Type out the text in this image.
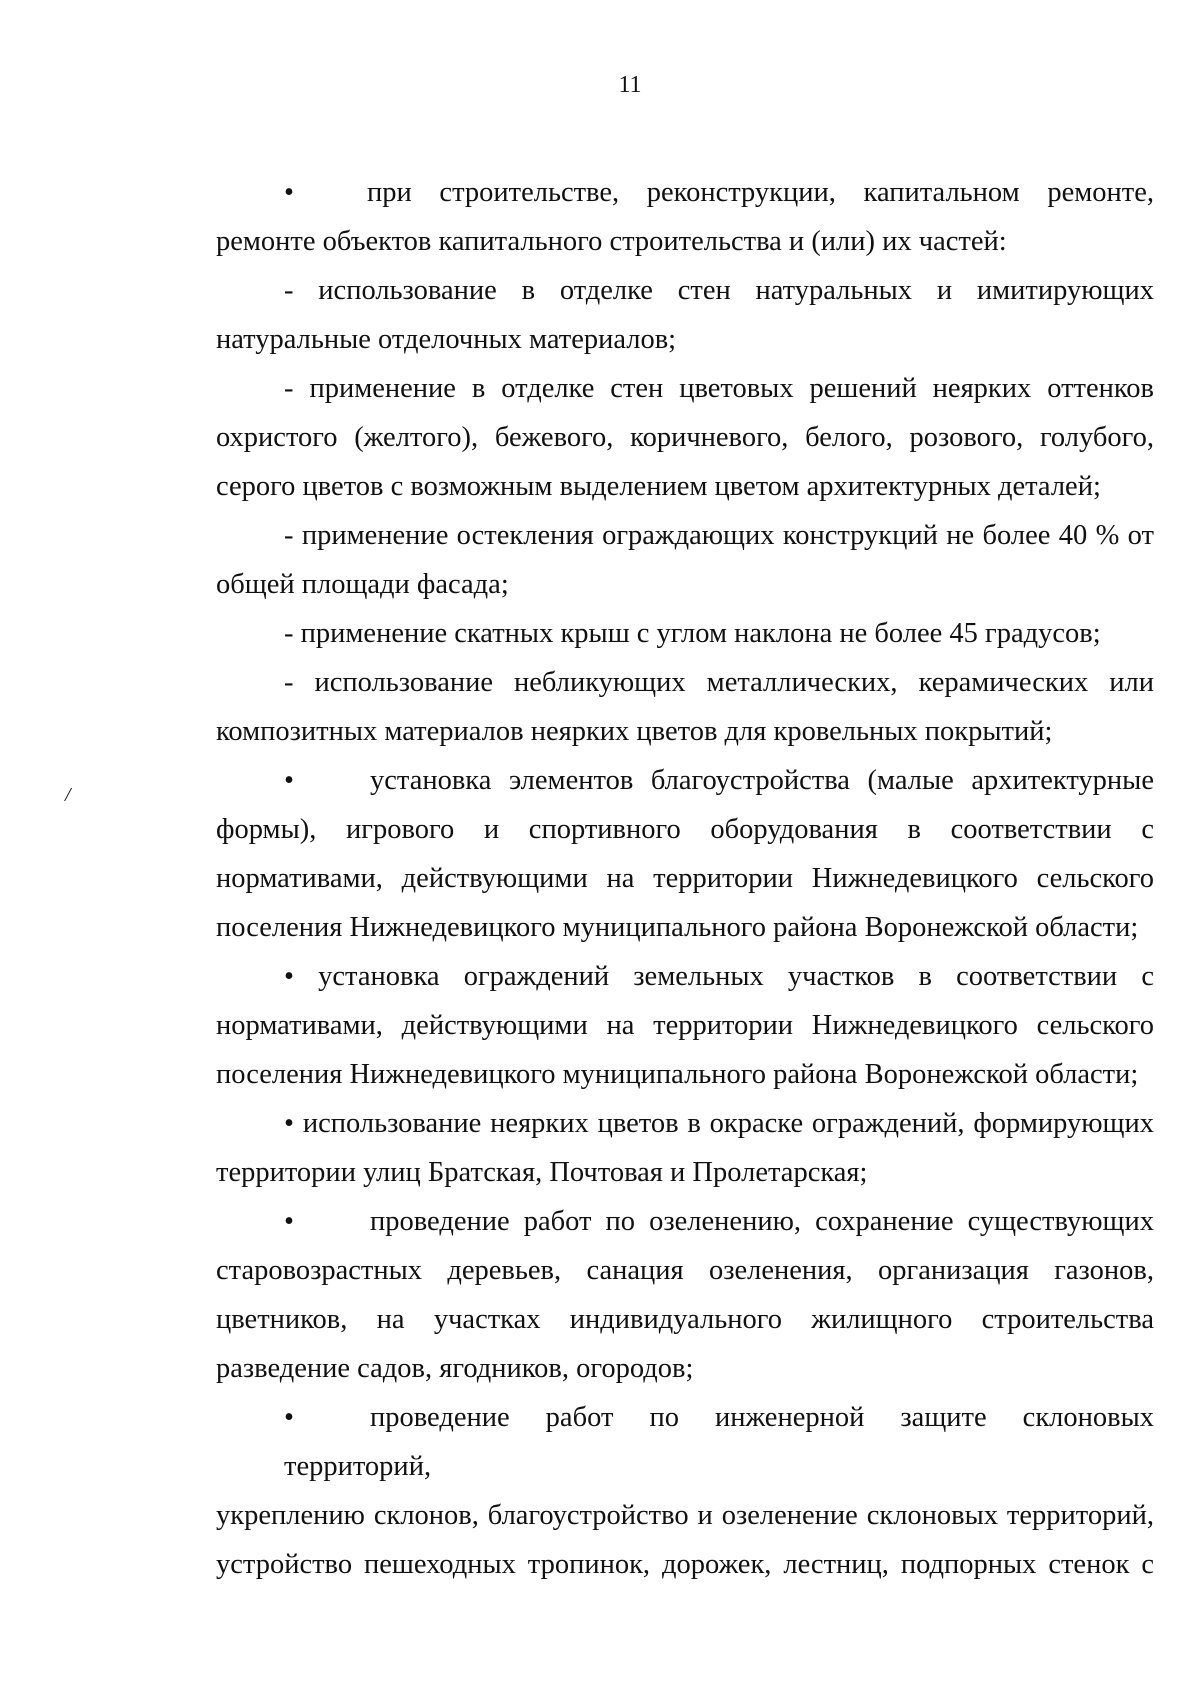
11
/
•	при строительстве, реконструкции, капитальном ремонте,
ремонте объектов капитального строительства и (или) их частей:
- использование в отделке стен натуральных и имитирующих
натуральные отделочных материалов;
- применение в отделке стен цветовых решений неярких оттенков
охристого (желтого), бежевого, коричневого, белого, розового, голубого, серого цветов с возможным выделением цветом архитектурных деталей;
- применение остекления ограждающих конструкций не более 40 % от
общей площади фасада;
- применение скатных крыш с углом наклона не более 45 градусов;
- использование небликующих металлических, керамических или
композитных материалов неярких цветов для кровельных покрытий;
•	установка элементов благоустройства (малые архитектурные
формы), игрового и спортивного оборудования в соответствии с нормативами, действующими на территории Нижнедевицкого сельского поселения Нижнедевицкого муниципального района Воронежской области;
• установка ограждений земельных участков в соответствии с
нормативами, действующими на территории Нижнедевицкого сельского поселения Нижнедевицкого муниципального района Воронежской области;
• использование неярких цветов в окраске ограждений, формирующих
территории улиц Братская, Почтовая и Пролетарская;
•	проведение работ по озеленению, сохранение существующих
старовозрастных деревьев, санация озеленения, организация газонов, цветников, на участках индивидуального жилищного строительства разведение садов, ягодников, огородов;
•	проведение работ по инженерной защите склоновых территорий,
укреплению склонов, благоустройство и озеленение склоновых территорий, устройство пешеходных тропинок, дорожек, лестниц, подпорных стенок с
